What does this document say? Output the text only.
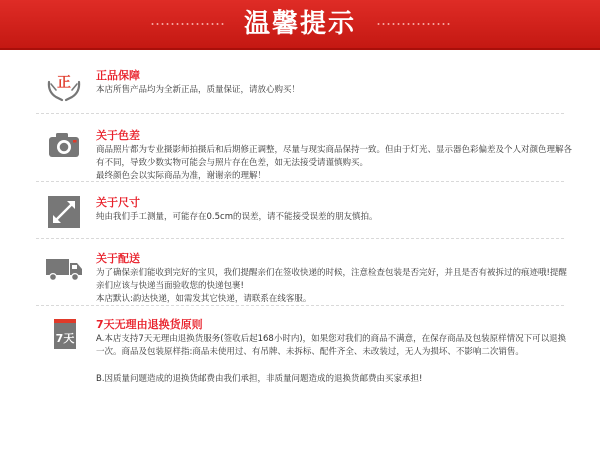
温馨提示
正 正品保障

本店所售产品均为全新正品，质量保证，请放心购买！

关于色差

商品照片都为专业摄影师拍摄后和后期修正调整，尽量与现实商品保持一致。但由于灯光、显示器色彩偏差及个人对颜色理解各有不同，导致少数实物可能会与照片存在色差，如无法接受请谨慎购买。

最终颜色会以实际商品为准，谢谢亲的理解！

关于尺寸

纯由我们手工测量，可能存在0.5cm的误差，请不能接受误差的朋友慎拍。

关于配送

为了确保亲们能收到完好的宝贝，我们提醒亲们在签收快递的时候，注意检查包装是否完好，并且是否有被拆过的痕迹哦!提醒亲们应该与快递当面验收您的快递包裹!

本店默认:韵达快递，如需发其它快递，请联系在线客服。

7天
7天无理由退换货原则

A.本店支持7天无理由退换货服务(签收后起168小时内)，如果您对我们的商品不满意，在保存商品及包装原样情况下可以退换一次。商品及包装原样指:商品未使用过、有吊牌、未拆标、配件齐全、未改装过，无人为损坏、不影响二次销售。

B.因质量问题造成的退换货邮费由我们承担，非质量问题造成的退换货邮费由买家承担!
